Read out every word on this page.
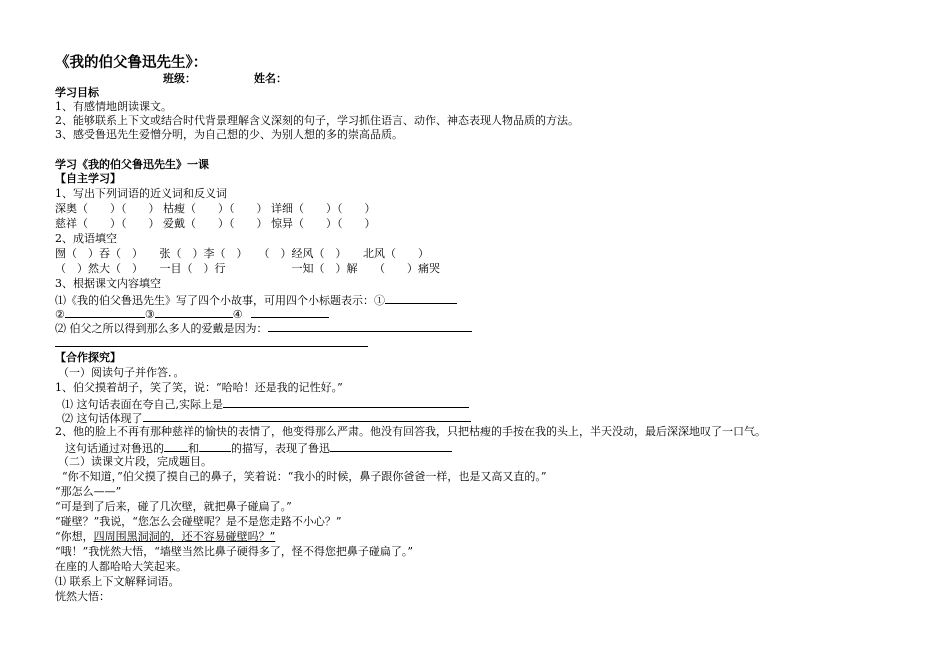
《我的伯父鲁迅先生》：
班级：	姓名：
学习目标
1、有感情地朗读课文。
2、能够联系上下文或结合时代背景理解含义深刻的句子，学习抓住语言、动作、神态表现人物品质的方法。
3、感受鲁迅先生爱憎分明，为自己想的少、为别人想的多的崇高品质。
学习《我的伯父鲁迅先生》一课
【自主学习】
1、写出下列词语的近义词和反义词
深奥（　　）（　　） 枯瘦（　　）（　　） 详细（　　）（　　）
慈祥（　　）（　　） 爱戴（　　）（　　） 惊异（　　）（　　）
2、成语填空
囫（　）吞（　）　　张（　）李（　）　　（　）经风（　）　　北风（　　）
（　）然大（　）　　一目（　）行　　　　　　一知（　）解　　（　　）痛哭
3、根据课文内容填空
⑴《我的伯父鲁迅先生》写了四个小故事，可用四个小标题表示：①
②	③	④
⑵ 伯父之所以得到那么多人的爱戴是因为：
【合作探究】
（一）阅读句子并作答．。
1、伯父摸着胡子，笑了笑，说：“哈哈！还是我的记性好。”
⑴ 这句话表面在夸自己,实际上是
⑵ 这句话体现了
2、他的脸上不再有那种慈祥的愉快的表情了，他变得那么严肃。他没有回答我，只把枯瘦的手按在我的头上，半天没动，最后深深地叹了一口气。
这句话通过对鲁迅的 和	的描写，表现了鲁迅
（二）读课文片段，完成题目。
“你不知道，”伯父摸了摸自己的鼻子，笑着说：“我小的时候，鼻子跟你爸爸一样，也是又高又直的。”
“那怎么——”
“可是到了后来，碰了几次壁，就把鼻子碰扁了。”
“碰壁？”我说，“您怎么会碰壁呢？是不是您走路不小心？”
“你想，四周围黑洞洞的，还不容易碰壁吗？”
“哦！”我恍然大悟，“墙壁当然比鼻子硬得多了，怪不得您把鼻子碰扁了。”
在座的人都哈哈大笑起来。
⑴ 联系上下文解释词语。
恍然大悟：
